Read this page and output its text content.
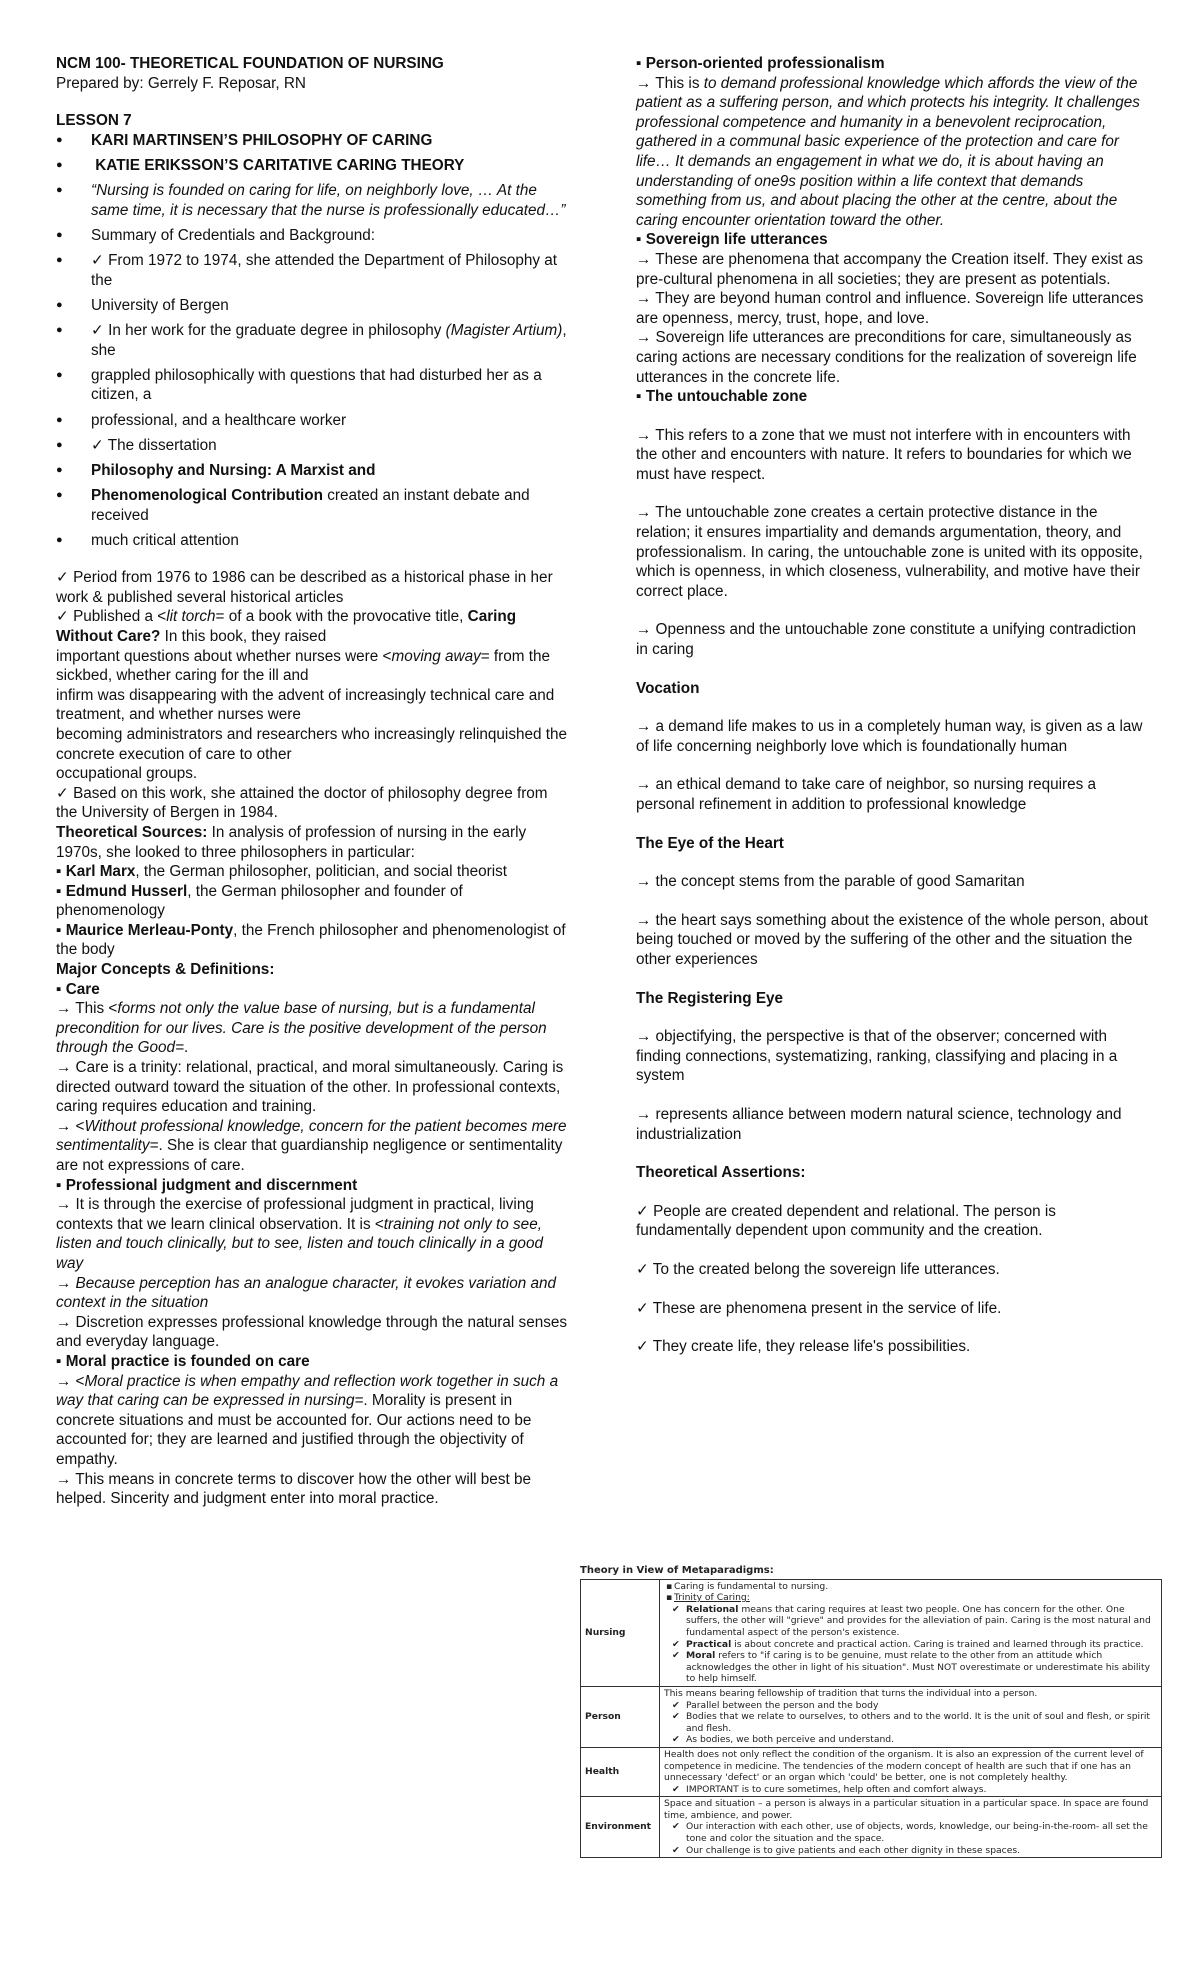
NCM 100- THEORETICAL FOUNDATION OF NURSING

Prepared by: Gerrely F. Reposar, RN

LESSON 7

● KARI MARTINSEN’S PHILOSOPHY OF CARING
● KATIE ERIKSSON’S CARITATIVE CARING THEORY
● “Nursing is founded on caring for life, on neighborly love, … At the same time, it is necessary that the nurse is professionally educated…”
● Summary of Credentials and Background:
● ✓ From 1972 to 1974, she attended the Department of Philosophy at the
● University of Bergen
● ✓ In her work for the graduate degree in philosophy (Magister Artium), she
● grappled philosophically with questions that had disturbed her as a citizen, a
● professional, and a healthcare worker
● ✓ The dissertation
● Philosophy and Nursing: A Marxist and
● Phenomenological Contribution created an instant debate and received
● much critical attention

✓ Period from 1976 to 1986 can be described as a historical phase in her work & published several historical articles

✓ Published a <lit torch= of a book with the provocative title, Caring Without Care? In this book, they raised

important questions about whether nurses were <moving away= from the sickbed, whether caring for the ill and

infirm was disappearing with the advent of increasingly technical care and treatment, and whether nurses were

becoming administrators and researchers who increasingly relinquished the concrete execution of care to other

occupational groups.

✓ Based on this work, she attained the doctor of philosophy degree from the University of Bergen in 1984.

Theoretical Sources: In analysis of profession of nursing in the early 1970s, she looked to three philosophers in particular:

▪ Karl Marx, the German philosopher, politician, and social theorist

▪ Edmund Husserl, the German philosopher and founder of phenomenology

▪ Maurice Merleau-Ponty, the French philosopher and phenomenologist of the body

Major Concepts & Definitions:

▪ Care

→ This <forms not only the value base of nursing, but is a fundamental precondition for our lives. Care is the positive development of the person through the Good=.

→ Care is a trinity: relational, practical, and moral simultaneously. Caring is directed outward toward the situation of the other. In professional contexts, caring requires education and training.

→ <Without professional knowledge, concern for the patient becomes mere sentimentality=. She is clear that guardianship negligence or sentimentality are not expressions of care.

▪ Professional judgment and discernment

→ It is through the exercise of professional judgment in practical, living contexts that we learn clinical observation. It is <training not only to see, listen and touch clinically, but to see, listen and touch clinically in a good way

→ Because perception has an analogue character, it evokes variation and context in the situation

→ Discretion expresses professional knowledge through the natural senses and everyday language.

▪ Moral practice is founded on care

→ <Moral practice is when empathy and reflection work together in such a way that caring can be expressed in nursing=. Morality is present in concrete situations and must be accounted for. Our actions need to be accounted for; they are learned and justified through the objectivity of empathy.

→ This means in concrete terms to discover how the other will best be helped. Sincerity and judgment enter into moral practice.

▪ Person-oriented professionalism

→ This is to demand professional knowledge which affords the view of the patient as a suffering person, and which protects his integrity. It challenges professional competence and humanity in a benevolent reciprocation, gathered in a communal basic experience of the protection and care for life… It demands an engagement in what we do, it is about having an understanding of one9s position within a life context that demands something from us, and about placing the other at the centre, about the caring encounter orientation toward the other.

▪ Sovereign life utterances

→ These are phenomena that accompany the Creation itself. They exist as pre-cultural phenomena in all societies; they are present as potentials.

→ They are beyond human control and influence. Sovereign life utterances are openness, mercy, trust, hope, and love.

→ Sovereign life utterances are preconditions for care, simultaneously as caring actions are necessary conditions for the realization of sovereign life utterances in the concrete life.

▪ The untouchable zone

→ This refers to a zone that we must not interfere with in encounters with the other and encounters with nature. It refers to boundaries for which we must have respect.

→ The untouchable zone creates a certain protective distance in the relation; it ensures impartiality and demands argumentation, theory, and professionalism. In caring, the untouchable zone is united with its opposite, which is openness, in which closeness, vulnerability, and motive have their correct place.

→ Openness and the untouchable zone constitute a unifying contradiction in caring

Vocation

→ a demand life makes to us in a completely human way, is given as a law of life concerning neighborly love which is foundationally human

→ an ethical demand to take care of neighbor, so nursing requires a personal refinement in addition to professional knowledge

The Eye of the Heart

→ the concept stems from the parable of good Samaritan

→ the heart says something about the existence of the whole person, about being touched or moved by the suffering of the other and the situation the other experiences

The Registering Eye

→ objectifying, the perspective is that of the observer; concerned with finding connections, systematizing, ranking, classifying and placing in a system

→ represents alliance between modern natural science, technology and industrialization

Theoretical Assertions:

✓ People are created dependent and relational. The person is fundamentally dependent upon community and the creation.

✓ To the created belong the sovereign life utterances.

✓ These are phenomena present in the service of life.

✓ They create life, they release life's possibilities.

Theory in View of Metaparadigms:
Nursing	▪ Caring is fundamental to nursing.
▪ Trinity of Caring:
✔ Relational means that caring requires at least two people. One has concern for the other. One suffers, the other will "grieve" and provides for the alleviation of pain. Caring is the most natural and fundamental aspect of the person's existence.
✔ Practical is about concrete and practical action. Caring is trained and learned through its practice.
✔ Moral refers to "if caring is to be genuine, must relate to the other from an attitude which acknowledges the other in light of his situation". Must NOT overestimate or underestimate his ability to help himself.

Person	This means bearing fellowship of tradition that turns the individual into a person.
✔ Parallel between the person and the body
✔ Bodies that we relate to ourselves, to others and to the world. It is the unit of soul and flesh, or spirit and flesh.
✔ As bodies, we both perceive and understand.

Health	Health does not only reflect the condition of the organism. It is also an expression of the current level of competence in medicine. The tendencies of the modern concept of health are such that if one has an unnecessary 'defect' or an organ which 'could' be better, one is not completely healthy.
✔ IMPORTANT is to cure sometimes, help often and comfort always.

Environment	Space and situation – a person is always in a particular situation in a particular space. In space are found time, ambience, and power.
✔ Our interaction with each other, use of objects, words, knowledge, our being-in-the-room- all set the tone and color the situation and the space.
✔ Our challenge is to give patients and each other dignity in these spaces.
